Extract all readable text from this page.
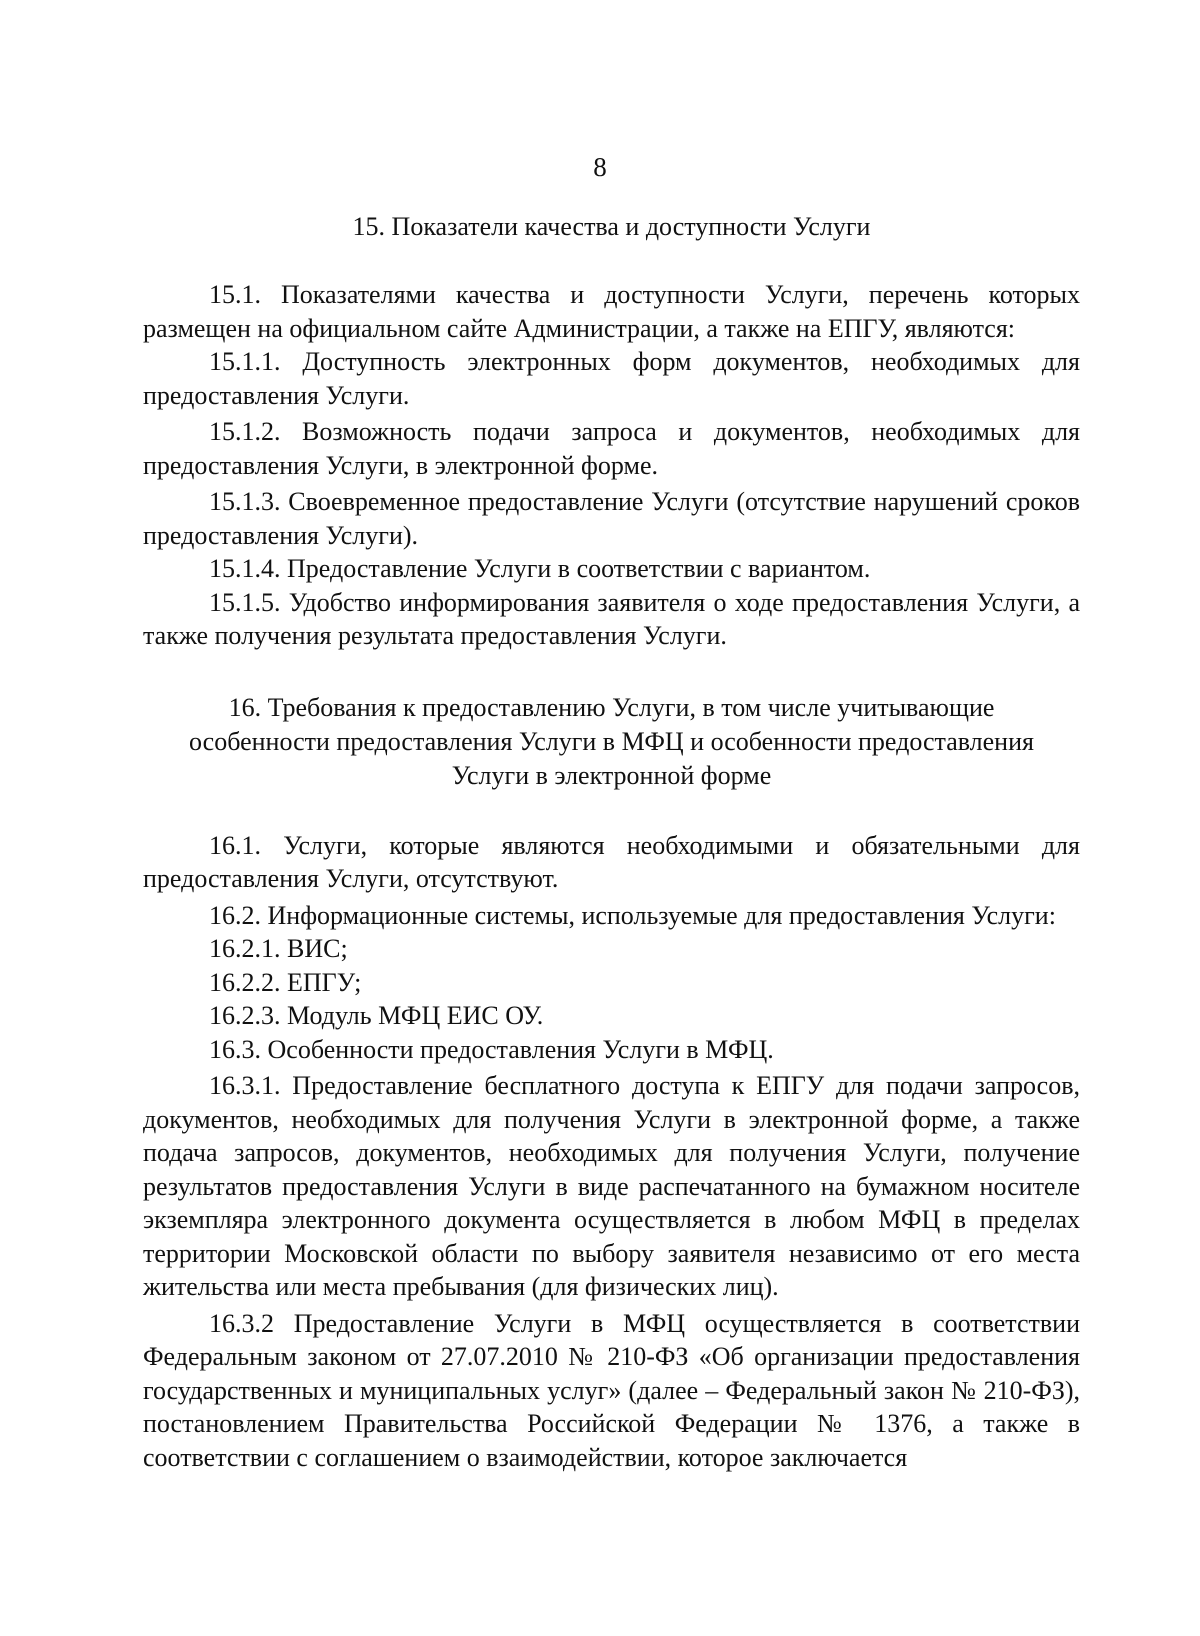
8
15. Показатели качества и доступности Услуги

15.1. Показателями качества и доступности Услуги, перечень которых размещен на официальном сайте Администрации, а также на ЕПГУ, являются:

15.1.1. Доступность электронных форм документов, необходимых для предоставления Услуги.

15.1.2. Возможность подачи запроса и документов, необходимых для предоставления Услуги, в электронной форме.

15.1.3. Своевременное предоставление Услуги (отсутствие нарушений сроков предоставления Услуги).

15.1.4. Предоставление Услуги в соответствии с вариантом.

15.1.5. Удобство информирования заявителя о ходе предоставления Услуги, а также получения результата предоставления Услуги.

16. Требования к предоставлению Услуги, в том числе учитывающие особенности предоставления Услуги в МФЦ и особенности предоставления Услуги в электронной форме

16.1. Услуги, которые являются необходимыми и обязательными для предоставления Услуги, отсутствуют.

16.2. Информационные системы, используемые для предоставления Услуги:

16.2.1. ВИС;

16.2.2. ЕПГУ;

16.2.3. Модуль МФЦ ЕИС ОУ.

16.3. Особенности предоставления Услуги в МФЦ.

16.3.1. Предоставление бесплатного доступа к ЕПГУ для подачи запросов, документов, необходимых для получения Услуги в электронной форме, а также подача запросов, документов, необходимых для получения Услуги, получение результатов предоставления Услуги в виде распечатанного на бумажном носителе экземпляра электронного документа осуществляется в любом МФЦ в пределах территории Московской области по выбору заявителя независимо от его места жительства или места пребывания (для физических лиц).

16.3.2 Предоставление Услуги в МФЦ осуществляется в соответствии Федеральным законом от 27.07.2010 № 210-ФЗ «Об организации предоставления государственных и муниципальных услуг» (далее – Федеральный закон № 210-ФЗ), постановлением Правительства Российской Федерации № 1376, а также в соответствии с соглашением о взаимодействии, которое заключается
